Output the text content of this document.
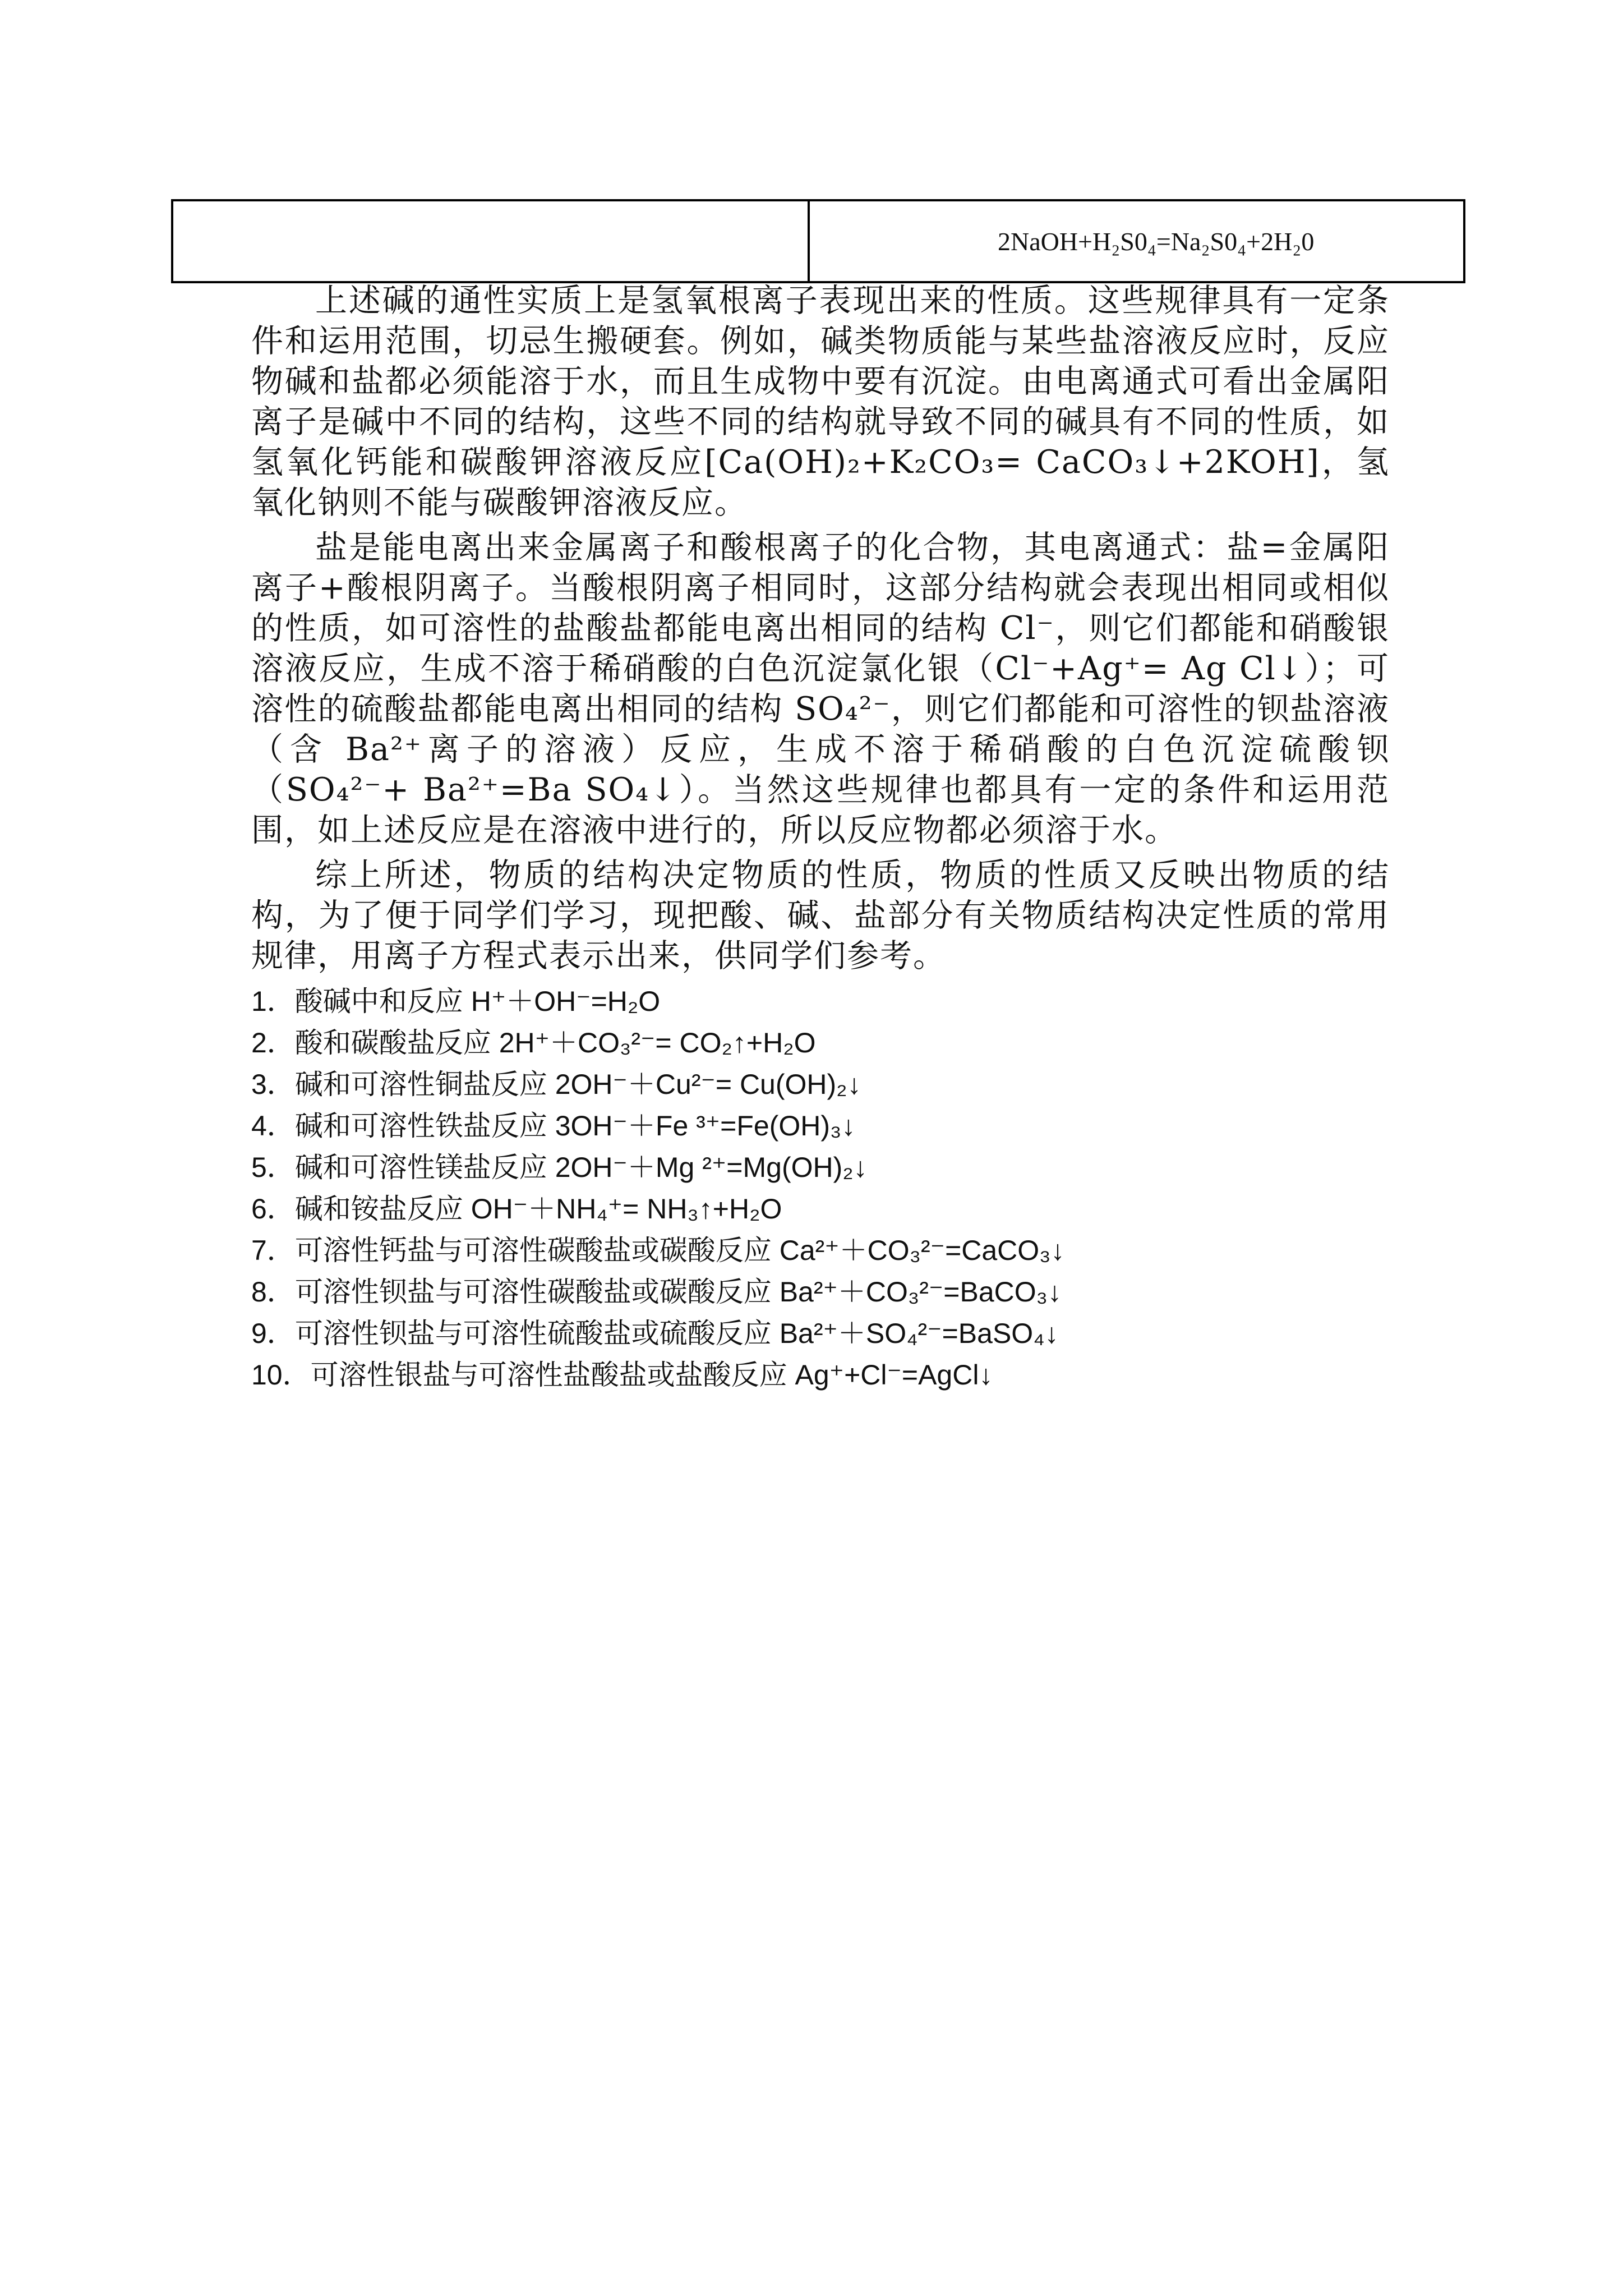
2NaOH+H₂S0₄=Na₂S0₄+2H₂0

上述碱的通性实质上是氢氧根离子表现出来的性质。这些规律具有一定条件和运用范围，切忌生搬硬套。例如，碱类物质能与某些盐溶液反应时，反应物碱和盐都必须能溶于水，而且生成物中要有沉淀。由电离通式可看出金属阳离子是碱中不同的结构，这些不同的结构就导致不同的碱具有不同的性质，如氢氧化钙能和碳酸钾溶液反应[Ca(OH)₂+K₂CO₃= CaCO₃↓+2KOH]，氢氧化钠则不能与碳酸钾溶液反应。

盐是能电离出来金属离子和酸根离子的化合物，其电离通式：盐=金属阳离子+酸根阴离子。当酸根阴离子相同时，这部分结构就会表现出相同或相似的性质，如可溶性的盐酸盐都能电离出相同的结构 Cl⁻，则它们都能和硝酸银溶液反应，生成不溶于稀硝酸的白色沉淀氯化银（Cl⁻+Ag⁺= Ag Cl↓）；可溶性的硫酸盐都能电离出相同的结构 SO₄²⁻，则它们都能和可溶性的钡盐溶液（含 Ba²⁺离子的溶液）反应，生成不溶于稀硝酸的白色沉淀硫酸钡（SO₄²⁻+ Ba²⁺=Ba SO₄↓）。当然这些规律也都具有一定的条件和运用范围，如上述反应是在溶液中进行的，所以反应物都必须溶于水。

综上所述，物质的结构决定物质的性质，物质的性质又反映出物质的结构，为了便于同学们学习，现把酸、碱、盐部分有关物质结构决定性质的常用规律，用离子方程式表示出来，供同学们参考。

1．酸碱中和反应 H⁺＋OH⁻=H₂O
2．酸和碳酸盐反应 2H⁺＋CO₃²⁻= CO₂↑+H₂O
3．碱和可溶性铜盐反应 2OH⁻＋Cu²⁻= Cu(OH)₂↓
4．碱和可溶性铁盐反应 3OH⁻＋Fe ³⁺=Fe(OH)₃↓
5．碱和可溶性镁盐反应 2OH⁻＋Mg ²⁺=Mg(OH)₂↓
6．碱和铵盐反应 OH⁻＋NH₄⁺= NH₃↑+H₂O
7．可溶性钙盐与可溶性碳酸盐或碳酸反应 Ca²⁺＋CO₃²⁻=CaCO₃↓
8．可溶性钡盐与可溶性碳酸盐或碳酸反应 Ba²⁺＋CO₃²⁻=BaCO₃↓
9．可溶性钡盐与可溶性硫酸盐或硫酸反应 Ba²⁺＋SO₄²⁻=BaSO₄↓
10．可溶性银盐与可溶性盐酸盐或盐酸反应 Ag⁺+Cl⁻=AgCl↓
